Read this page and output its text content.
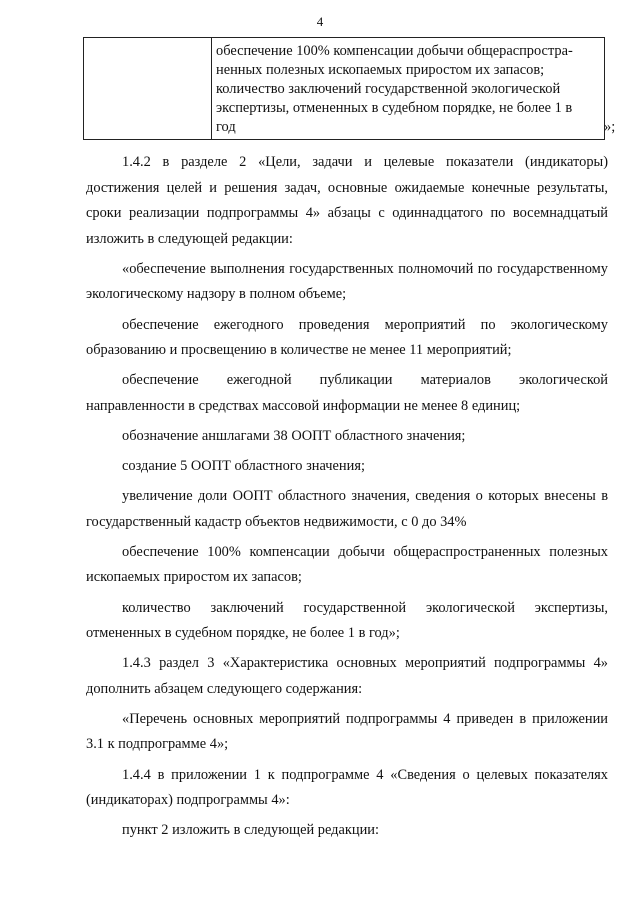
4

обеспечение 100% компенсации добычи общераспростра-
ненных полезных ископаемых приростом их запасов;
количество заключений государственной экологической
экспертизы, отмененных в судебном порядке, не более 1 в
год	»;

1.4.2 в разделе 2 «Цели, задачи и целевые показатели (индикаторы) достижения целей и решения задач, основные ожидаемые конечные результаты, сроки реализации подпрограммы 4» абзацы с одиннадцатого по восемнадцатый изложить в следующей редакции:

«обеспечение выполнения государственных полномочий по государственному экологическому надзору в полном объеме;

обеспечение ежегодного проведения мероприятий по экологическому образованию и просвещению в количестве не менее 11 мероприятий;

обеспечение ежегодной публикации материалов экологической направленности в средствах массовой информации не менее 8 единиц;

обозначение аншлагами 38 ООПТ областного значения;

создание 5 ООПТ областного значения;

увеличение доли ООПТ областного значения, сведения о которых внесены в государственный кадастр объектов недвижимости, с 0 до 34%

обеспечение 100% компенсации добычи общераспространенных полезных ископаемых приростом их запасов;

количество заключений государственной экологической экспертизы, отмененных в судебном порядке, не более 1 в год»;

1.4.3 раздел 3 «Характеристика основных мероприятий подпрограммы 4» дополнить абзацем следующего содержания:

«Перечень основных мероприятий подпрограммы 4 приведен в приложении 3.1 к подпрограмме 4»;

1.4.4 в приложении 1 к подпрограмме 4 «Сведения о целевых показателях (индикаторах) подпрограммы 4»:

пункт 2 изложить в следующей редакции:
